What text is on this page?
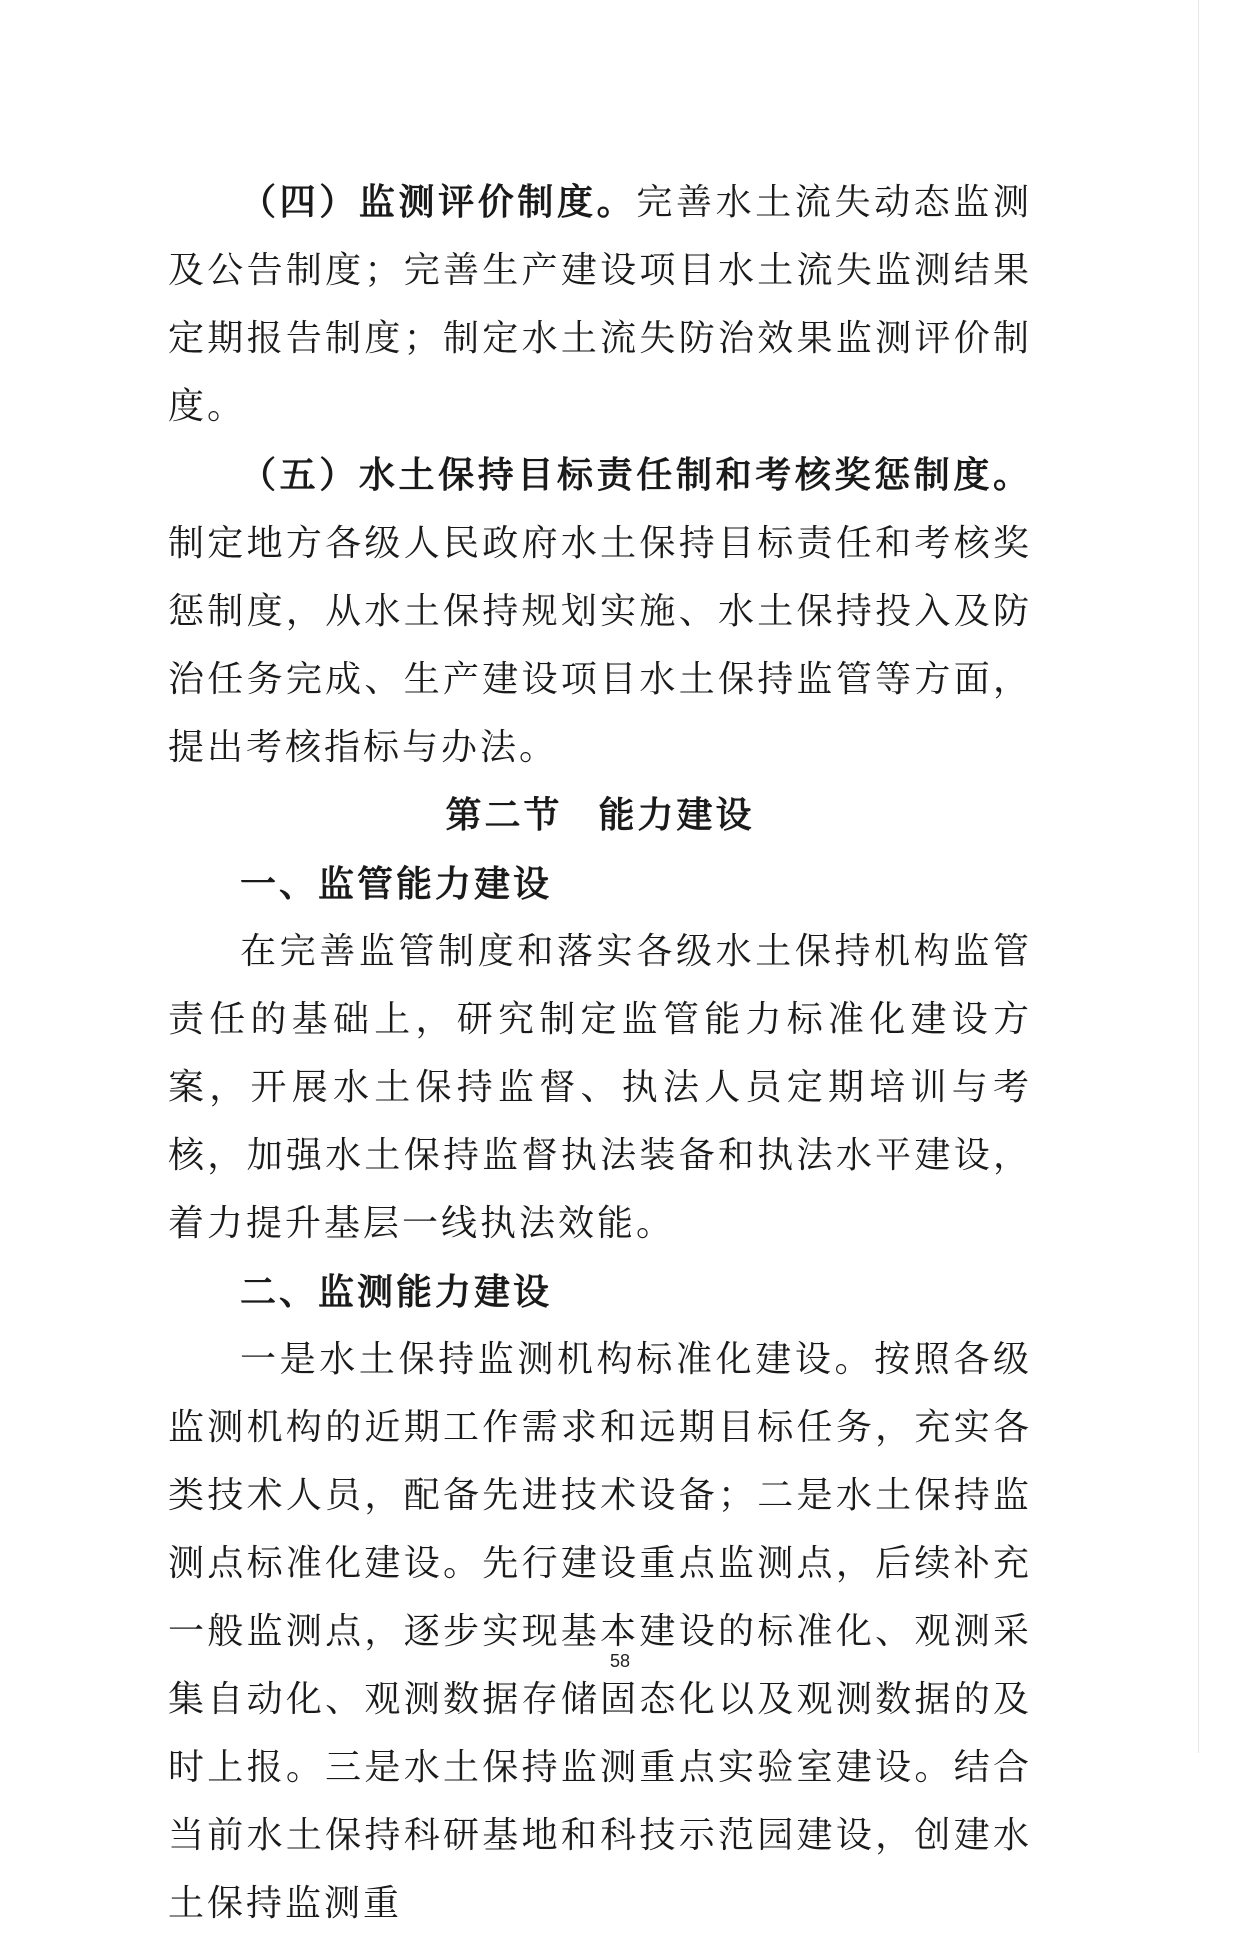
（四）监测评价制度。完善水土流失动态监测及公告制度；完善生产建设项目水土流失监测结果定期报告制度；制定水土流失防治效果监测评价制度。

（五）水土保持目标责任制和考核奖惩制度。制定地方各级人民政府水土保持目标责任和考核奖惩制度，从水土保持规划实施、水土保持投入及防治任务完成、生产建设项目水土保持监管等方面，提出考核指标与办法。

第二节 能力建设

一、监管能力建设

在完善监管制度和落实各级水土保持机构监管责任的基础上，研究制定监管能力标准化建设方案，开展水土保持监督、执法人员定期培训与考核，加强水土保持监督执法装备和执法水平建设，着力提升基层一线执法效能。

二、监测能力建设

一是水土保持监测机构标准化建设。按照各级监测机构的近期工作需求和远期目标任务，充实各类技术人员，配备先进技术设备；二是水土保持监测点标准化建设。先行建设重点监测点，后续补充一般监测点，逐步实现基本建设的标准化、观测采集自动化、观测数据存储固态化以及观测数据的及时上报。三是水土保持监测重点实验室建设。结合当前水土保持科研基地和科技示范园建设，创建水土保持监测重

58
